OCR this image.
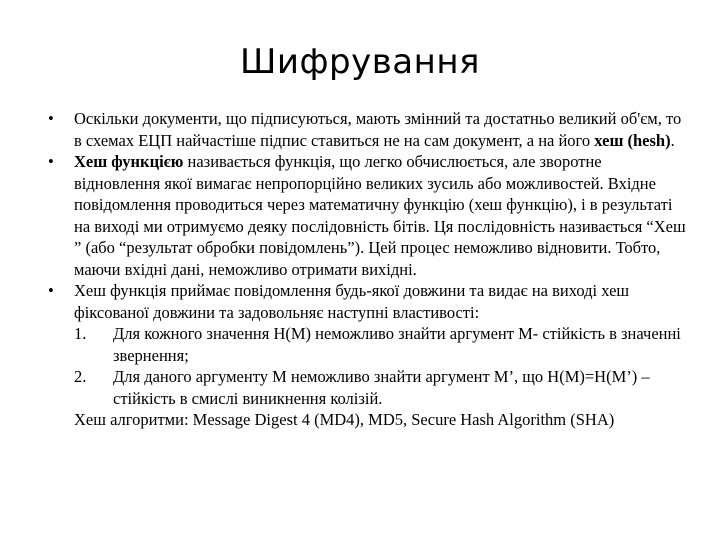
Шифрування
• Оскільки документи, що підписуються, мають змінний та достатньо великий об'єм, то в схемах ЕЦП найчастіше підпис ставиться не на сам документ, а на його хеш (hesh).
• Хеш функцією називається функція, що легко обчислюється, але зворотне відновлення якої вимагає непропорційно великих зусиль або можливостей. Вхідне повідомлення проводиться через математичну функцію (хеш функцію), і в результаті на виході ми отримуємо деяку послідовність бітів. Ця послідовність називається “Хеш ” (або “результат обробки повідомлень”). Цей процес неможливо відновити. Тобто, маючи вхідні дані, неможливо отримати вихідні.
• Хеш функція приймає повідомлення будь-якої довжини та видає на виході хеш фіксованої довжини та задовольняє наступні властивості:
1. Для кожного значення H(M) неможливо знайти аргумент М- стійкість в значенні звернення;
2. Для даного аргументу М неможливо знайти аргумент M’, що H(M)=H(M’) – стійкість в смислі виникнення колізій.
Хеш алгоритми: Message Digest 4 (MD4), MD5, Secure Hash Algorithm (SHA)
